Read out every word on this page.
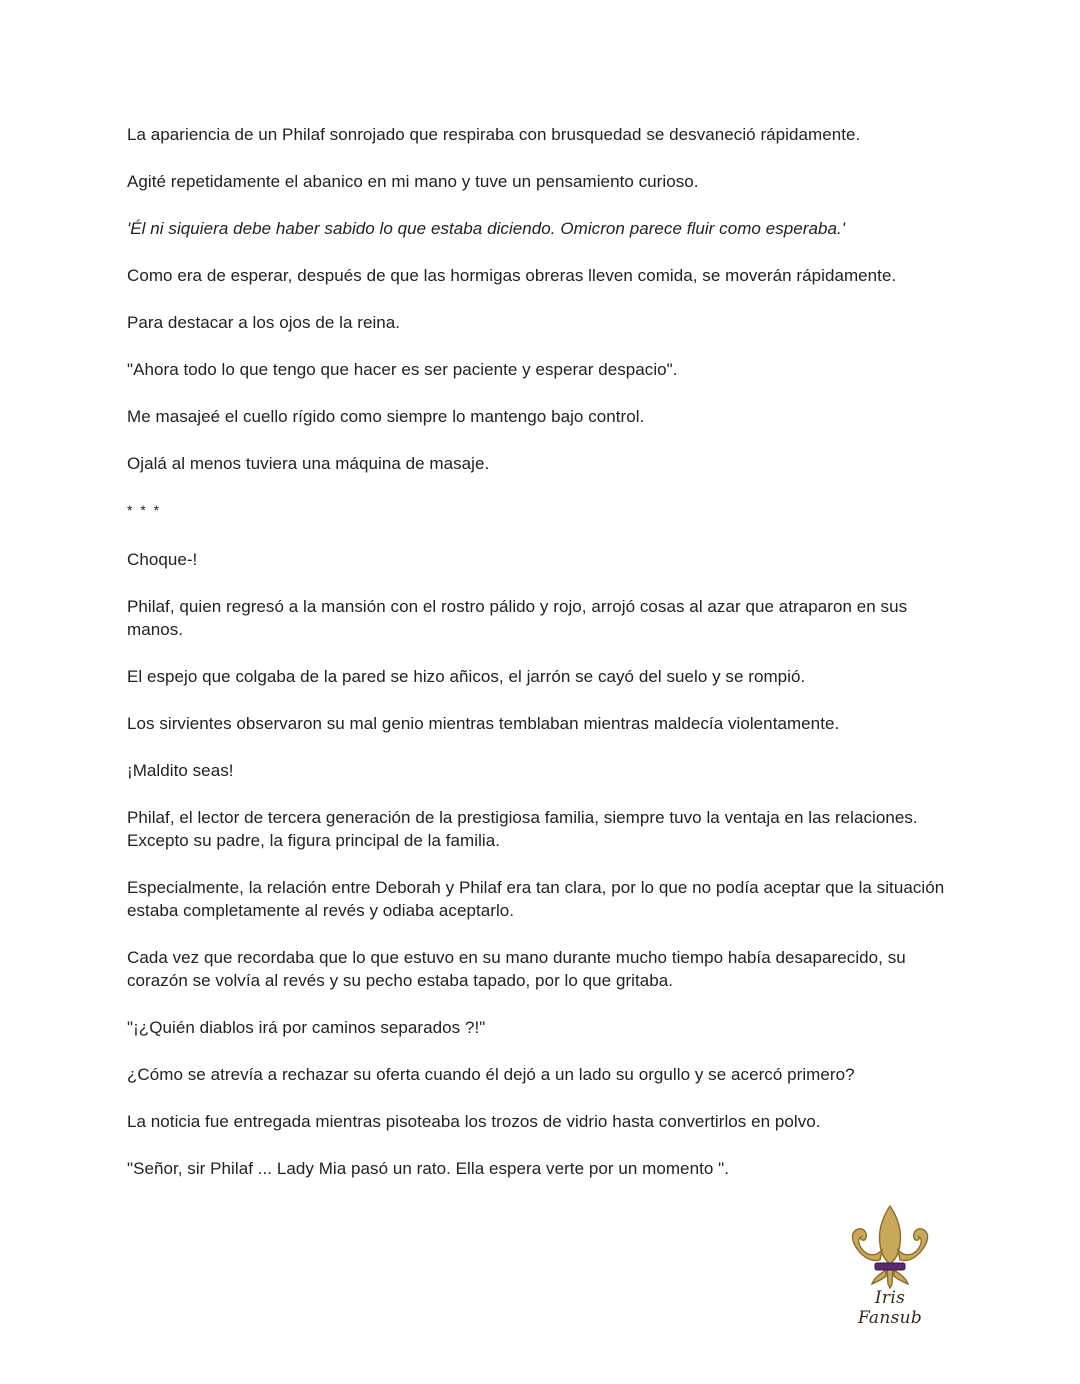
La apariencia de un Philaf sonrojado que respiraba con brusquedad se desvaneció rápidamente.

Agité repetidamente el abanico en mi mano y tuve un pensamiento curioso.

'Él ni siquiera debe haber sabido lo que estaba diciendo. Omicron parece fluir como esperaba.'

Como era de esperar, después de que las hormigas obreras lleven comida, se moverán rápidamente.

Para destacar a los ojos de la reina.

"Ahora todo lo que tengo que hacer es ser paciente y esperar despacio".

Me masajeé el cuello rígido como siempre lo mantengo bajo control.

Ojalá al menos tuviera una máquina de masaje.

* * *

Choque-!

Philaf, quien regresó a la mansión con el rostro pálido y rojo, arrojó cosas al azar que atraparon en sus manos.

El espejo que colgaba de la pared se hizo añicos, el jarrón se cayó del suelo y se rompió.

Los sirvientes observaron su mal genio mientras temblaban mientras maldecía violentamente.

¡Maldito seas!

Philaf, el lector de tercera generación de la prestigiosa familia, siempre tuvo la ventaja en las relaciones. Excepto su padre, la figura principal de la familia.

Especialmente, la relación entre Deborah y Philaf era tan clara, por lo que no podía aceptar que la situación estaba completamente al revés y odiaba aceptarlo.

Cada vez que recordaba que lo que estuvo en su mano durante mucho tiempo había desaparecido, su corazón se volvía al revés y su pecho estaba tapado, por lo que gritaba.

"¡¿Quién diablos irá por caminos separados ?!"

¿Cómo se atrevía a rechazar su oferta cuando él dejó a un lado su orgullo y se acercó primero?

La noticia fue entregada mientras pisoteaba los trozos de vidrio hasta convertirlos en polvo.

"Señor, sir Philaf ... Lady Mia pasó un rato. Ella espera verte por un momento ".

Iris Fansub
